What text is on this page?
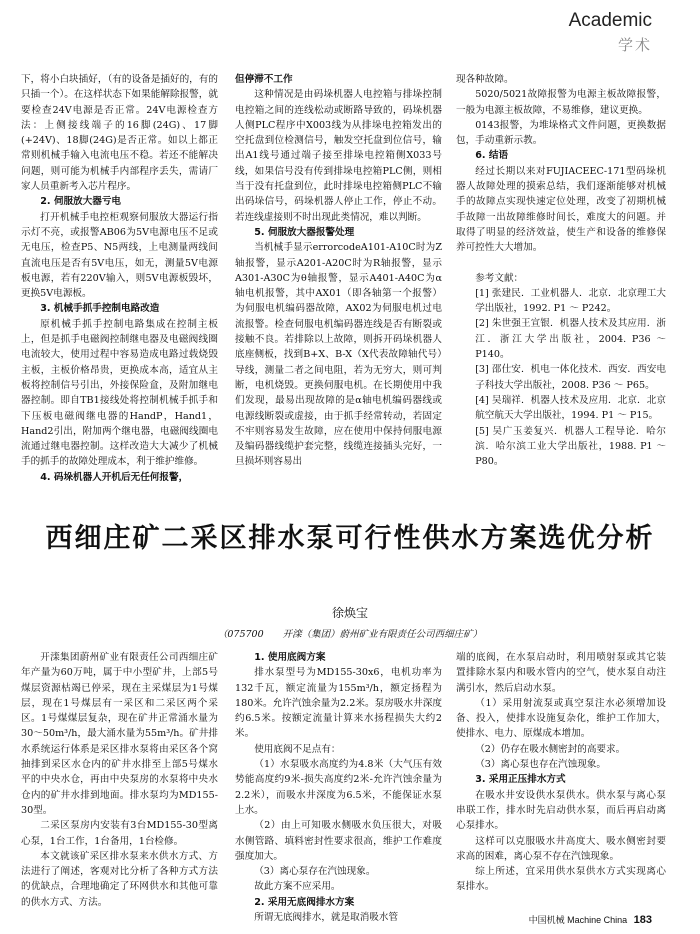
Academic
学术

下，将小白块插好，（有的设备是插好的，有的只插一个）。在这样状态下如果能解除报警，就要检查24V电源是否正常。24V电源检查方法：上侧接线端子的16脚(24G)、17脚(+24V)、18脚(24G)是否正常。如以上都正常则机械手输入电流电压不稳。若还不能解决问题，则可能为机械手内部程序丢失，需请厂家人员重新考入芯片程序。

2. 伺服放大器亏电

打开机械手电控柜观察伺服放大器运行指示灯不亮，或报警AB06为5V电源电压不足或无电压，检查P5、N5两线，上电测量两线间直流电压是否有5V电压，如无，测量5V电源板电源，若有220V输入，则5V电源板毁坏，更换5V电源板。

3. 机械手抓手控制电路改造

原机械手抓手控制电路集成在控制主板上，但是抓手电磁阀控制继电器及电磁阀线圈电流较大，使用过程中容易造成电路过载烧毁主板，主板价格昂贵，更换成本高，适宜从主板将控制信号引出，外接保险盒，及附加继电器控制。即自TB1接线处将控制机械手抓手和下压板电磁阀继电器的HandP，Hand1，Hand2引出，附加两个继电器，电磁阀线圈电流通过继电器控制。这样改造大大减少了机械手的抓手的故障处理成本，利于维护维修。

4. 码垛机器人开机后无任何报警，
但停滞不工作

这种情况是由码垛机器人电控箱与排垛控制电控箱之间的连线松动或断路导致的，码垛机器人侧PLC程序中X003线为从排垛电控箱发出的空托盘到位检测信号，触发空托盘到位信号，输出A1线号通过端子接至排垛电控箱侧X033号线，如果信号没有传到排垛电控箱PLC侧，则相当于没有托盘到位，此时排垛电控箱侧PLC不输出码垛信号，码垛机器人停止工作，停止不动。若连线虚接则不时出现此类情况，难以判断。

5. 伺服放大器报警处理

当机械手显示errorcodeA101-A10C时为Z轴报警，显示A201-A20C时为R轴报警，显示A301-A30C为θ轴报警，显示A401-A40C为α轴电机报警，其中AX01（即各轴第一个报警）为伺服电机编码器故障，AX02为伺服电机过电流报警。检查伺服电机编码器连线是否有断裂或接触不良。若排除以上故障，则拆开码垛机器人底座侧板，找到B+X、B-X（X代表故障轴代号）导线，测量二者之间电阻，若为无穷大，则可判断，电机烧毁。更换伺服电机。在长期使用中我们发现，最易出现故障的是α轴电机编码器线或电源线断裂或虚接，由于抓手经常转动，若固定不牢则容易发生故障，应在使用中保持伺服电源及编码器线缆护套完整，线缆连接插头完好，一旦损坏则容易出

现各种故障。

5020/5021故障报警为电源主板故障报警，一般为电源主板故障，不易维修，建议更换。

0143报警，为堆垛格式文件问题，更换数据包，手动重新示教。

6. 结语

经过长期以来对FUJIACEEC-171型码垛机器人故障处理的摸索总结，我们逐渐能够对机械手的故障点实现快速定位处理，改变了初期机械手故障一出故障维修时间长，难度大的问题。并取得了明显的经济效益，使生产和设备的维修保养可控性大大增加。

参考文献：

[1] 张建民．工业机器人．北京．北京理工大学出版社，1992. P1 ～ P242。

[2] 朱世强王宣银．机器人技术及其应用．浙江．浙江大学出版社，2004. P36 ～ P140。

[3] 邵仕安．机电一体化技术．西安．西安电子科技大学出版社，2008. P36 ～ P65。

[4] 吴瑞祥．机器人技术及应用．北京．北京航空航天大学出版社，1994. P1 ～ P15。

[5] 吴广玉姜复兴．机器人工程导论．哈尔滨．哈尔滨工业大学出版社，1988. P1 ～ P80。

西细庄矿二采区排水泵可行性供水方案选优分析
徐焕宝
（075700　　开滦（集团）蔚州矿业有限责任公司西细庄矿）

开滦集团蔚州矿业有限责任公司西细庄矿年产量为60万吨，属于中小型矿井，上部5号煤层资源枯竭已停采，现在主采煤层为1号煤层，现在1号煤层有一采区和二采区两个采区。1号煤煤层复杂，现在矿井正常涌水量为30～50m³/h，最大涌水量为55m³/h。矿井排水系统运行体系是采区排水泵将由采区各个窝抽排到采区水仓内的矿井水排至上部5号煤水平的中央水仓，再由中央泵房的水泵将中央水仓内的矿井水排到地面。排水泵均为MD155-30型。

二采区泵房内安装有3台MD155-30型离心泵，1台工作，1台备用，1台检修。

本文就该矿采区排水泵来水供水方式、方法进行了阐述，客观对比分析了各种方式方法的优缺点，合理地确定了环网供水和其他可靠的供水方式、方法。

1. 使用底阀方案

排水泵型号为MD155-30x6，电机功率为132千瓦，额定流量为155m³/h，额定扬程为180米。允许汽蚀余量为2.2米。泵房吸水井深度约6.5米。按额定流量计算来水扬程损失大约2米。

使用底阀不足点有：

（1）水泵吸水高度约为4.8米（大气压有效势能高度约9米-损失高度约2米-允许汽蚀余量为2.2米），而吸水井深度为6.5米，不能保证水泵上水。

（2）由上可知吸水侧吸水负压很大，对吸水侧管路、填料密封性要求很高，维护工作难度强度加大。

（3）离心泵存在汽蚀现象。

故此方案不应采用。

2. 采用无底阀排水方案

所谓无底阀排水，就是取消吸水管

端的底阀，在水泵启动时，利用喷射泵或其它装置排除水泵内和吸水管内的空气，使水泵自动注满引水，然后启动水泵。

（1）采用射流泵或真空泵注水必须增加设备、投入，使排水设施复杂化，维护工作加大，使排水、电力、原煤成本增加。

（2）仍存在吸水侧密封的高要求。

（3）离心泵也存在汽蚀现象。

3. 采用正压排水方式

在吸水井安设供水泵供水。供水泵与离心泵串联工作，排水时先启动供水泵，而后再启动离心泵排水。

这样可以克服吸水井高度大、吸水侧密封要求高的困难，离心泵不存在汽蚀现象。

综上所述，宜采用供水泵供水方式实现离心泵排水。

中国机械 Machine China 183
